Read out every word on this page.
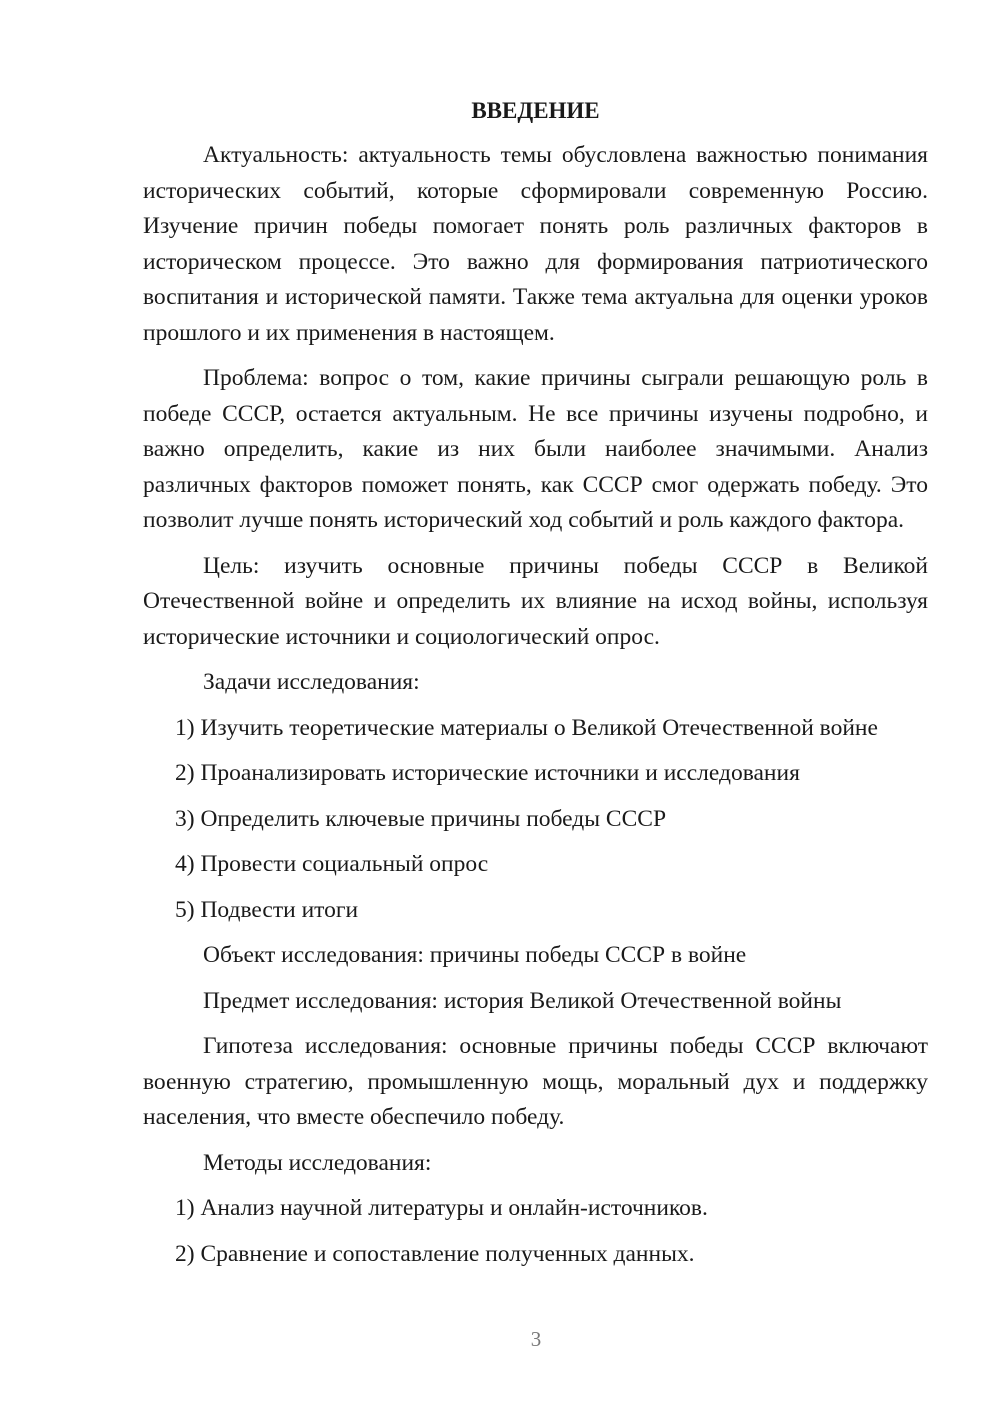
ВВЕДЕНИЕ

Актуальность: актуальность темы обусловлена важностью понимания исторических событий, которые сформировали современную Россию. Изучение причин победы помогает понять роль различных факторов в историческом процессе. Это важно для формирования патриотического воспитания и исторической памяти. Также тема актуальна для оценки уроков прошлого и их применения в настоящем.

Проблема: вопрос о том, какие причины сыграли решающую роль в победе СССР, остается актуальным. Не все причины изучены подробно, и важно определить, какие из них были наиболее значимыми. Анализ различных факторов поможет понять, как СССР смог одержать победу. Это позволит лучше понять исторический ход событий и роль каждого фактора.

Цель: изучить основные причины победы СССР в Великой Отечественной войне и определить их влияние на исход войны, используя исторические источники и социологический опрос.

Задачи исследования:

1) Изучить теоретические материалы о Великой Отечественной войне

2) Проанализировать исторические источники и исследования

3) Определить ключевые причины победы СССР

4) Провести социальный опрос

5) Подвести итоги

Объект исследования: причины победы СССР в войне

Предмет исследования: история Великой Отечественной войны

Гипотеза исследования: основные причины победы СССР включают военную стратегию, промышленную мощь, моральный дух и поддержку населения, что вместе обеспечило победу.

Методы исследования:

1) Анализ научной литературы и онлайн-источников.

2) Сравнение и сопоставление полученных данных.

3
